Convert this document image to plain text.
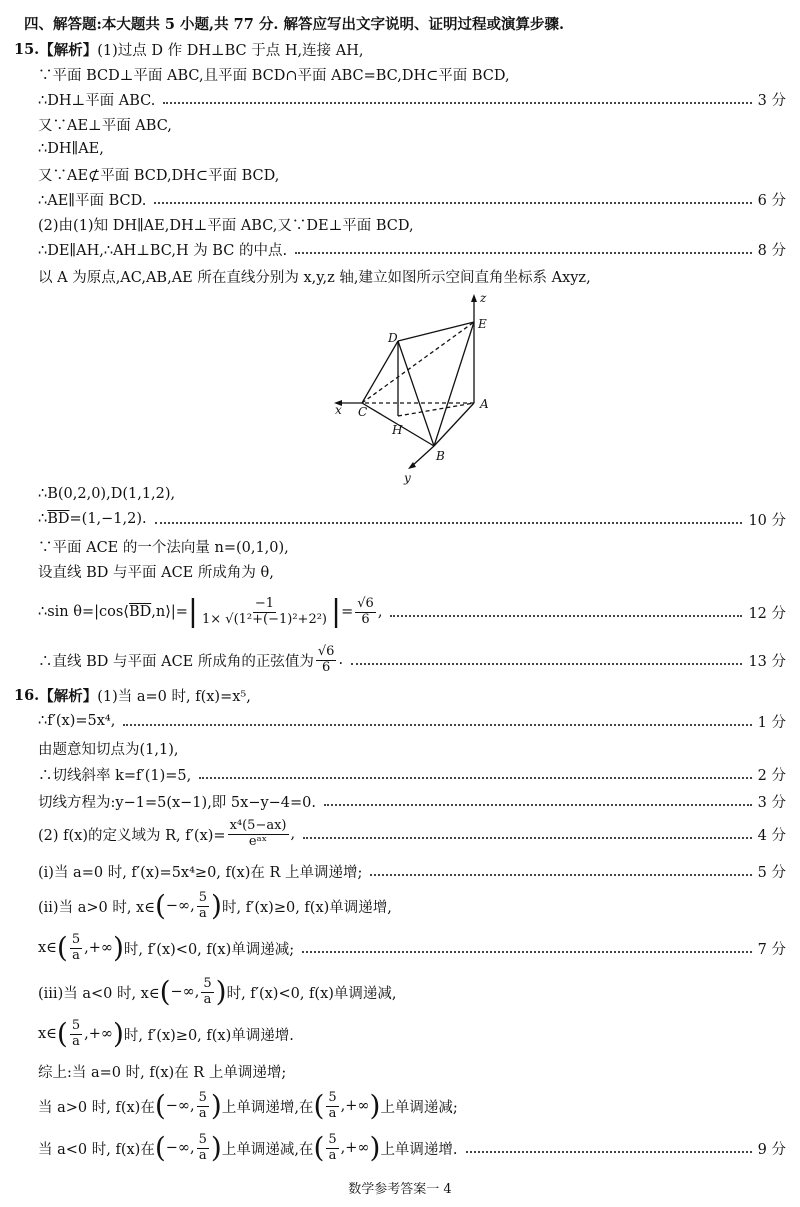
四、解答题:本大题共 5 小题,共 77 分. 解答应写出文字说明、证明过程或演算步骤.
15. 【解析】 (1)过点 D 作 DH⊥BC 于点 H,连接 AH,
∵平面 BCD⊥平面 ABC,且平面 BCD∩平面 ABC=BC,DH⊂平面 BCD,
∴DH⊥平面 ABC.	3 分
又∵AE⊥平面 ABC,
∴DH∥AE,
又∵AE⊄平面 BCD,DH⊂平面 BCD,
∴AE∥平面 BCD.	6 分
(2)由(1)知 DH∥AE,DH⊥平面 ABC,又∵DE⊥平面 BCD,
∴DE∥AH,∴AH⊥BC,H 为 BC 的中点.	8 分
以 A 为原点,AC,AB,AE 所在直线分别为 x,y,z 轴,建立如图所示空间直角坐标系 Axyz,
z
E
D
x C
A
H
B
y
∴B(0,2,0),D(1,1,2),
∴ $\overline{BD} =(1,-1,2)$.	10 分
∵平面 ACE 的一个法向量 n=(0,1,0),
设直线 BD 与平面 ACE 所成角为 θ,
∴sin θ=|cos⟨ $\overline{BD}$ ,n⟩|= | $\frac{-1}{\text{1× √(1²+(−1)²+2²)}}$ | = $\frac{√6}{6}$ ,	12 分
∴直线 BD 与平面 ACE 所成角的正弦值为 $\frac{√6}{6}$ .	13 分
16. 【解析】 (1)当 a=0 时, f(x)=x⁵,
∴f′(x)=5x⁴,	1 分
由题意知切点为(1,1),
∴切线斜率 k=f′(1)=5,	2 分
切线方程为:y−1=5(x−1),即 5x−y−4=0.	3 分
(2) f(x)的定义域为 R, $f'(x)= \frac{\text{x⁴(5−ax)}}{\text{eᵃˣ}}$ ,	4 分
(ⅰ)当 a=0 时, f′(x)=5x⁴≥0, f(x)在 R 上单调递增;	5 分
(ⅱ)当 a>0 时, x∈ ( −∞, $\frac{5}{a}$ ) 时, f′(x)≥0, f(x)单调递增,
x∈ ( $\frac{5}{a}$ ,+∞ ) 时, f′(x)<0, f(x)单调递减;	7 分
(ⅲ)当 a<0 时, x∈ ( −∞, $\frac{5}{a}$ ) 时, f′(x)<0, f(x)单调递减,
x∈ ( $\frac{5}{a}$ ,+∞ ) 时, f′(x)≥0, f(x)单调递增.
综上:当 a=0 时, f(x)在 R 上单调递增;
当 a>0 时, f(x)在 ( −∞, $\frac{5}{a}$ ) 上单调递增,在 ( $\frac{5}{a}$ ,+∞ ) 上单调递减;
当 a<0 时, f(x)在 ( −∞, $\frac{5}{a}$ ) 上单调递减,在 ( $\frac{5}{a}$ ,+∞ ) 上单调递增.	9 分
数学参考答案一 4
